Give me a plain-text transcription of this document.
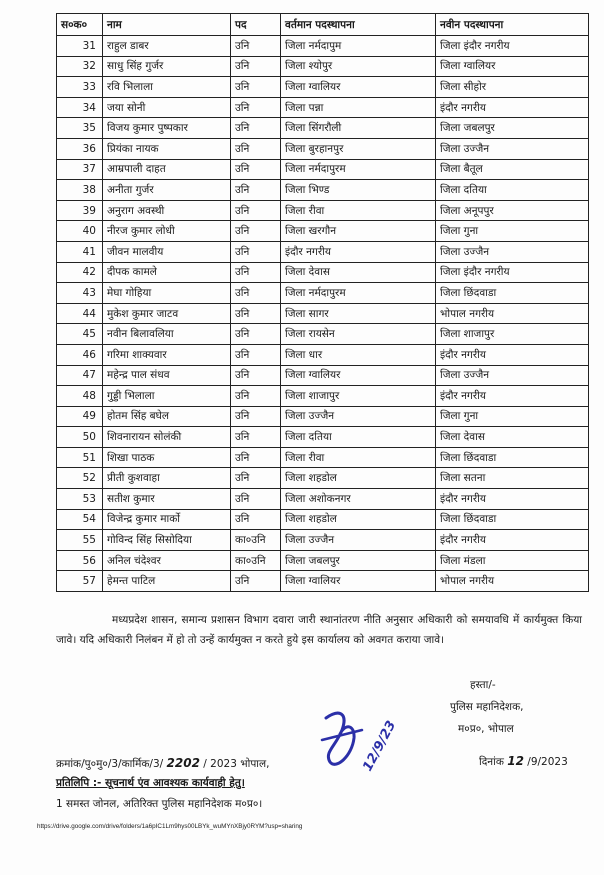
स०क०	नाम	पद	वर्तमान पदस्थापना	नवीन पदस्थापना
31	राहुल डाबर	उनि	जिला नर्मदापुम	जिला इंदौर नगरीय
32	साधु सिंह गुर्जर	उनि	जिला श्योपुर	जिला ग्वालियर
33	रवि भिलाला	उनि	जिला ग्वालियर	जिला सीहोर
34	जया सोनी	उनि	जिला पन्ना	इंदौर नगरीय
35	विजय कुमार पुष्पकार	उनि	जिला सिंगरौली	जिला जबलपुर
36	प्रियंका नायक	उनि	जिला बुरहानपुर	जिला उज्जैन
37	आम्रपाली दाहत	उनि	जिला नर्मदापुरम	जिला बैतूल
38	अनीता गुर्जर	उनि	जिला भिण्ड	जिला दतिया
39	अनुराग अवस्थी	उनि	जिला रीवा	जिला अनूपपुर
40	नीरज कुमार लोधी	उनि	जिला खरगौन	जिला गुना
41	जीवन मालवीय	उनि	इंदौर नगरीय	जिला उज्जैन
42	दीपक कामले	उनि	जिला देवास	जिला इंदौर नगरीय
43	मेघा गोहिया	उनि	जिला नर्मदापुरम	जिला छिंदवाडा
44	मुकेश कुमार जाटव	उनि	जिला सागर	भोपाल नगरीय
45	नवीन बिलावलिया	उनि	जिला रायसेन	जिला शाजापुर
46	गरिमा शाक्यवार	उनि	जिला धार	इंदौर नगरीय
47	महेन्द्र पाल संधव	उनि	जिला ग्वालियर	जिला उज्जैन
48	गुड्डी भिलाला	उनि	जिला शाजापुर	इंदौर नगरीय
49	होतम सिंह बघेल	उनि	जिला उज्जैन	जिला गुना
50	शिवनारायन सोलंकी	उनि	जिला दतिया	जिला देवास
51	शिखा पाठक	उनि	जिला रीवा	जिला छिंदवाडा
52	प्रीती कुशवाहा	उनि	जिला शहडोल	जिला सतना
53	सतीश कुमार	उनि	जिला अशोकनगर	इंदौर नगरीय
54	विजेन्द्र कुमार मार्को	उनि	जिला शहडोल	जिला छिंदवाडा
55	गोविन्द सिंह सिसोदिया	का०उनि	जिला उज्जैन	इंदौर नगरीय
56	अनिल चंदेश्वर	का०उनि	जिला जबलपुर	जिला मंडला
57	हेमन्त पाटिल	उनि	जिला ग्वालियर	भोपाल नगरीय
मध्यप्रदेश शासन, समान्य प्रशासन विभाग दवारा जारी स्थानांतरण नीति अनुसार अधिकारी को समयावधि में कार्यमुक्त किया जावे। यदि अधिकारी निलंबन में हो तो उन्हें कार्यमुक्त न करते हुये इस कार्यालय को अवगत कराया जावे।
हस्ता/-
पुलिस महानिदेशक,
म०प्र०, भोपाल
दिनांक 12 /9/2023
क्रमांक/पु०मु०/3/कार्मिक/3/ 2202 / 2023 भोपाल,
प्रतिलिपि :- सूचनार्थ एंव आवश्यक कार्यवाही हेतु।
1 समस्त जोनल, अतिरिक्त पुलिस महानिदेशक म०प्र०।
https://drive.google.com/drive/folders/1a6pIC1Lm9hys00LBYk_wuMYnXBjy0RYM?usp=sharing
12/9/23
